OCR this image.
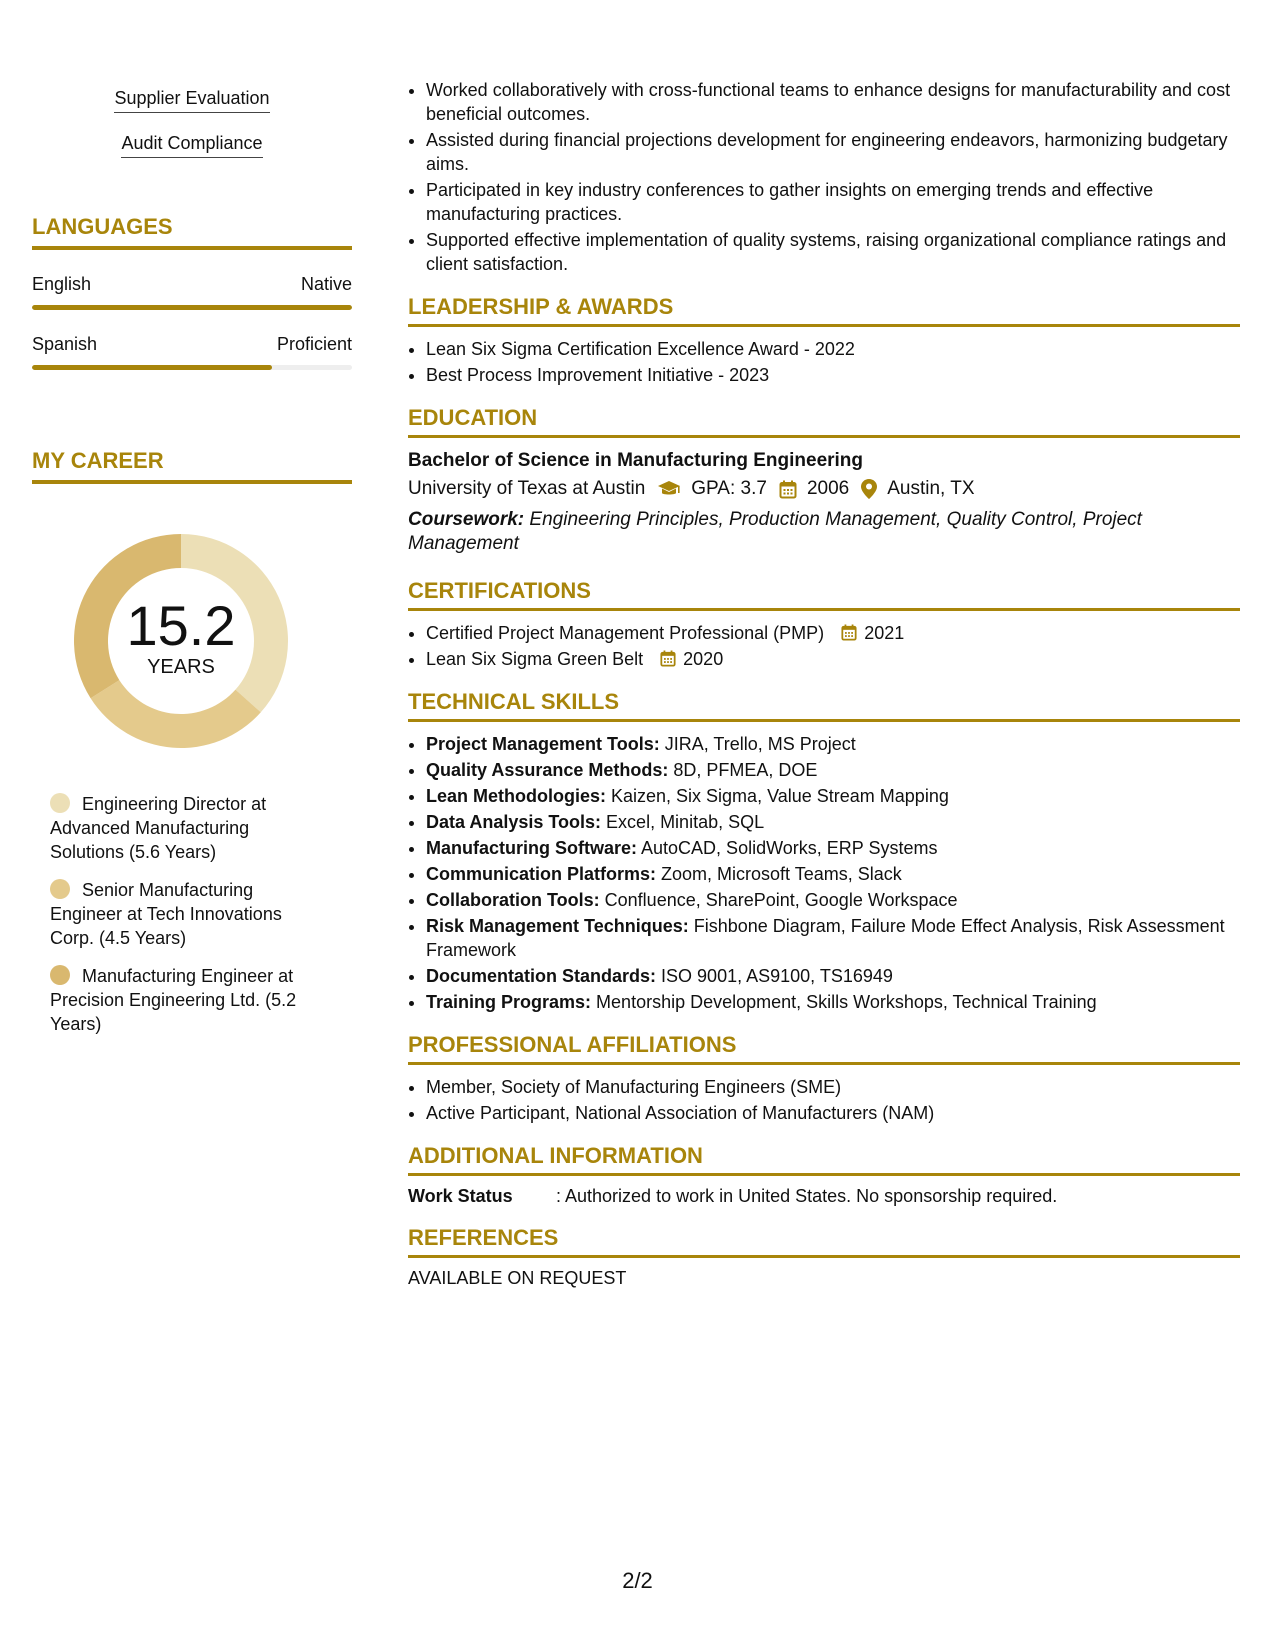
Supplier Evaluation
Audit Compliance
LANGUAGES
English	Native
Spanish	Proficient
MY CAREER
15.2
YEARS
Engineering Director at Advanced Manufacturing Solutions (5.6 Years)
Senior Manufacturing Engineer at Tech Innovations Corp. (4.5 Years)
Manufacturing Engineer at Precision Engineering Ltd. (5.2 Years)
• Worked collaboratively with cross-functional teams to enhance designs for manufacturability and cost beneficial outcomes.
• Assisted during financial projections development for engineering endeavors, harmonizing budgetary aims.
• Participated in key industry conferences to gather insights on emerging trends and effective manufacturing practices.
• Supported effective implementation of quality systems, raising organizational compliance ratings and client satisfaction.
LEADERSHIP & AWARDS
• Lean Six Sigma Certification Excellence Award - 2022
• Best Process Improvement Initiative - 2023
EDUCATION
Bachelor of Science in Manufacturing Engineering
University of Texas at Austin GPA: 3.7 2006 Austin, TX
Coursework: Engineering Principles, Production Management, Quality Control, Project Management
CERTIFICATIONS
• Certified Project Management Professional (PMP) 2021
• Lean Six Sigma Green Belt 2020
TECHNICAL SKILLS
• Project Management Tools: JIRA, Trello, MS Project
• Quality Assurance Methods: 8D, PFMEA, DOE
• Lean Methodologies: Kaizen, Six Sigma, Value Stream Mapping
• Data Analysis Tools: Excel, Minitab, SQL
• Manufacturing Software: AutoCAD, SolidWorks, ERP Systems
• Communication Platforms: Zoom, Microsoft Teams, Slack
• Collaboration Tools: Confluence, SharePoint, Google Workspace
• Risk Management Techniques: Fishbone Diagram, Failure Mode Effect Analysis, Risk Assessment Framework
• Documentation Standards: ISO 9001, AS9100, TS16949
• Training Programs: Mentorship Development, Skills Workshops, Technical Training
PROFESSIONAL AFFILIATIONS
• Member, Society of Manufacturing Engineers (SME)
• Active Participant, National Association of Manufacturers (NAM)
ADDITIONAL INFORMATION
Work Status	: Authorized to work in United States. No sponsorship required.
REFERENCES
AVAILABLE ON REQUEST
2/2
